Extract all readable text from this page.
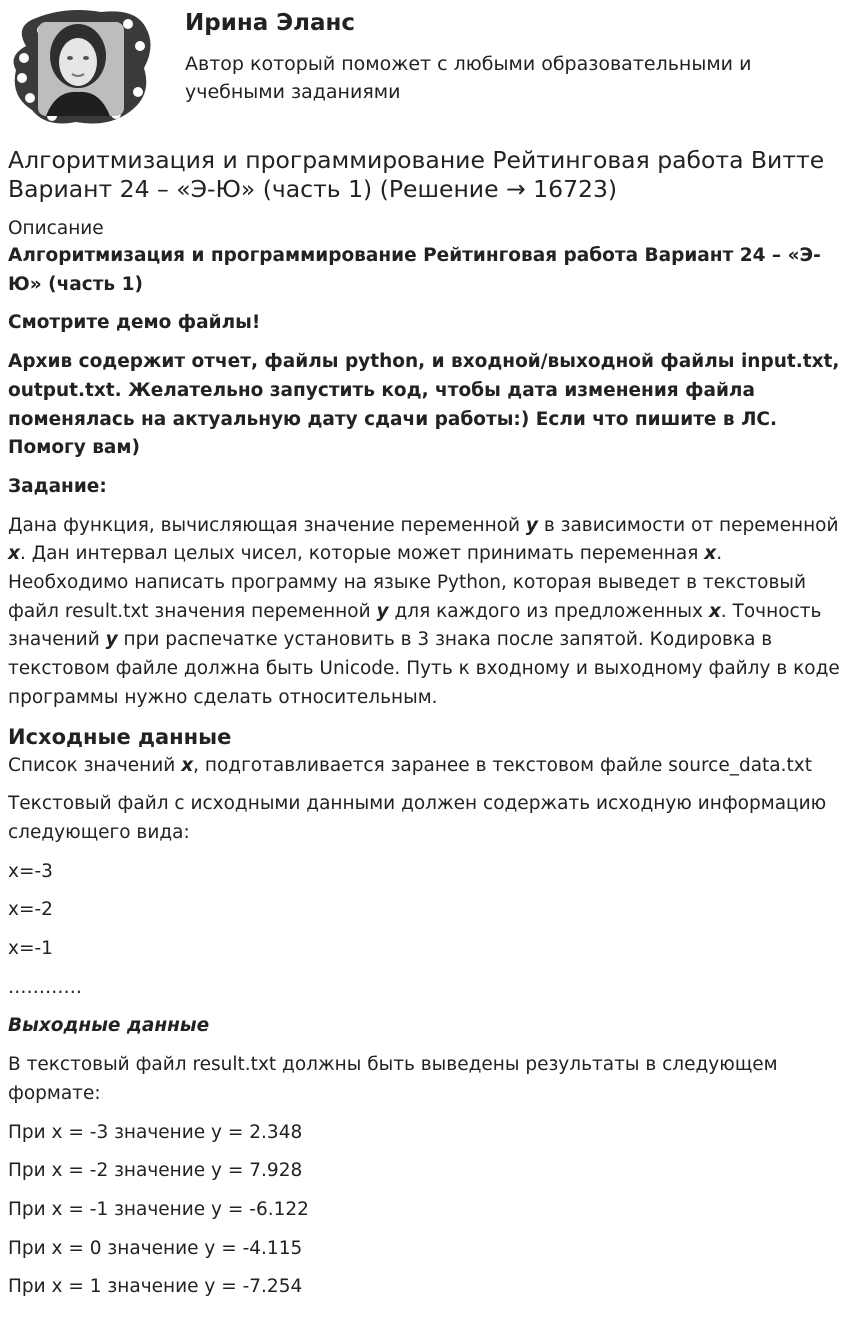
Ирина Эланс
Автор который поможет с любыми образовательными и учебными заданиями
Алгоритмизация и программирование Рейтинговая работа Витте Вариант 24 – «Э-Ю» (часть 1) (Решение → 16723)
Описание

Алгоритмизация и программирование Рейтинговая работа Вариант 24 – «Э-Ю» (часть 1)

Смотрите демо файлы!

Архив содержит отчет, файлы python, и входной/выходной файлы input.txt, output.txt. Желательно запустить код, чтобы дата изменения файла поменялась на актуальную дату сдачи работы:) Если что пишите в ЛС. Помогу вам)

Задание:

Дана функция, вычисляющая значение переменной y в зависимости от переменной x. Дан интервал целых чисел, которые может принимать переменная x. Необходимо написать программу на языке Python, которая выведет в текстовый файл result.txt значения переменной y для каждого из предложенных x. Точность значений y при распечатке установить в 3 знака после запятой. Кодировка в текстовом файле должна быть Unicode. Путь к входному и выходному файлу в коде программы нужно сделать относительным.

Исходные данные

Список значений x, подготавливается заранее в текстовом файле source_data.txt

Текстовый файл с исходными данными должен содержать исходную информацию следующего вида:

x=-3

x=-2

x=-1

…………

Выходные данные

В текстовый файл result.txt должны быть выведены результаты в следующем формате:

При x = -3 значение y = 2.348

При x = -2 значение y = 7.928

При x = -1 значение y = -6.122

При x = 0 значение y = -4.115

При x = 1 значение y = -7.254
